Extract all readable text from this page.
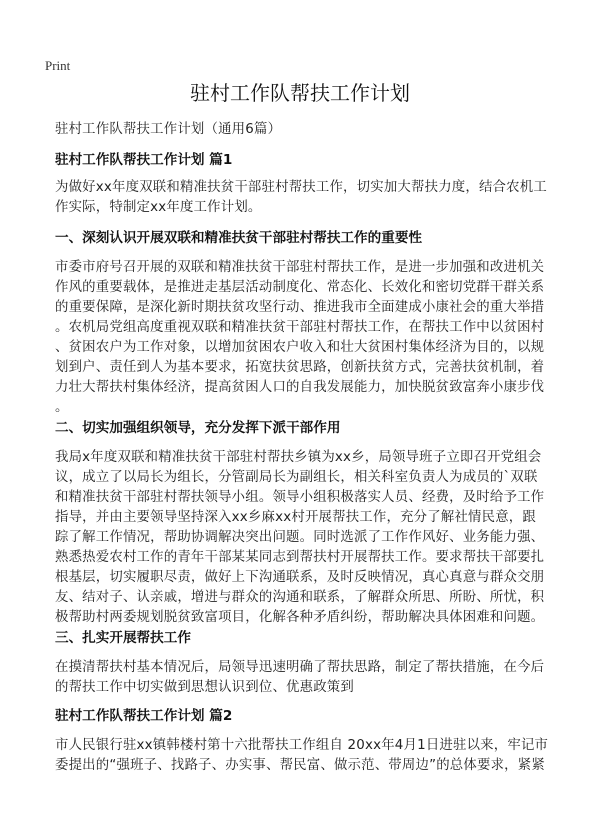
Print
驻村工作队帮扶工作计划
驻村工作队帮扶工作计划（通用6篇）
驻村工作队帮扶工作计划 篇1
为做好xx年度双联和精准扶贫干部驻村帮扶工作，切实加大帮扶力度，结合农机工
作实际，特制定xx年度工作计划。
一、深刻认识开展双联和精准扶贫干部驻村帮扶工作的重要性
市委市府号召开展的双联和精准扶贫干部驻村帮扶工作，是进一步加强和改进机关
作风的重要载体，是推进走基层活动制度化、常态化、长效化和密切党群干群关系
的重要保障，是深化新时期扶贫攻坚行动、推进我市全面建成小康社会的重大举措
。农机局党组高度重视双联和精准扶贫干部驻村帮扶工作，在帮扶工作中以贫困村
、贫困农户为工作对象，以增加贫困农户收入和壮大贫困村集体经济为目的，以规
划到户、责任到人为基本要求，拓宽扶贫思路，创新扶贫方式，完善扶贫机制，着
力壮大帮扶村集体经济，提高贫困人口的自我发展能力，加快脱贫致富奔小康步伐
。
二、切实加强组织领导，充分发挥下派干部作用
我局x年度双联和精准扶贫干部驻村帮扶乡镇为xx乡，局领导班子立即召开党组会
议，成立了以局长为组长，分管副局长为副组长，相关科室负责人为成员的`双联
和精准扶贫干部驻村帮扶领导小组。领导小组积极落实人员、经费，及时给予工作
指导，并由主要领导坚持深入xx乡麻xx村开展帮扶工作，充分了解社情民意，跟
踪了解工作情况，帮助协调解决突出问题。同时选派了工作作风好、业务能力强、
熟悉热爱农村工作的青年干部某某同志到帮扶村开展帮扶工作。要求帮扶干部要扎
根基层，切实履职尽责，做好上下沟通联系，及时反映情况，真心真意与群众交朋
友、结对子、认亲戚，增进与群众的沟通和联系，了解群众所思、所盼、所忧，积
极帮助村两委规划脱贫致富项目，化解各种矛盾纠纷，帮助解决具体困难和问题。
三、扎实开展帮扶工作
在摸清帮扶村基本情况后，局领导迅速明确了帮扶思路，制定了帮扶措施，在今后
的帮扶工作中切实做到思想认识到位、优惠政策到
驻村工作队帮扶工作计划 篇2
市人民银行驻xx镇韩楼村第十六批帮扶工作组自 20xx年4月1日进驻以来，牢记市
委提出的“强班子、找路子、办实事、帮民富、做示范、带周边”的总体要求，紧紧
